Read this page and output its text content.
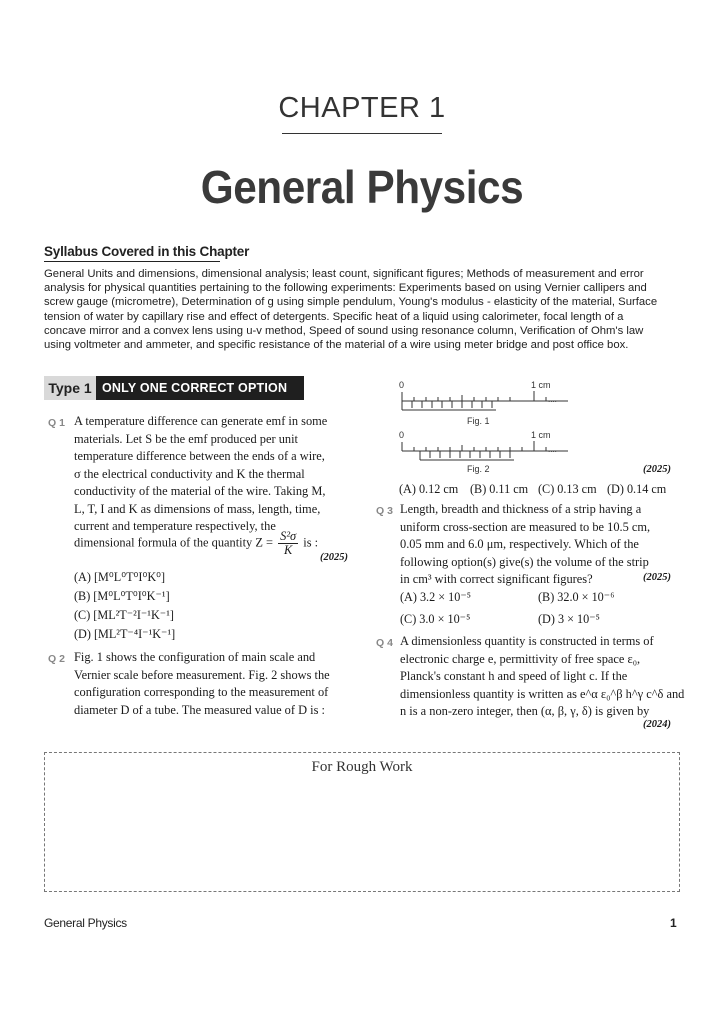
CHAPTER 1
General Physics
Syllabus Covered in this Chapter
General Units and dimensions, dimensional analysis; least count, significant figures; Methods of measurement and error
analysis for physical quantities pertaining to the following experiments: Experiments based on using Vernier callipers and
screw gauge (micrometre), Determination of g using simple pendulum, Young's modulus - elasticity of the material, Surface
tension of water by capillary rise and effect of detergents. Specific heat of a liquid using calorimeter, focal length of a
concave mirror and a convex lens using u-v method, Speed of sound using resonance column, Verification of Ohm's law
using voltmeter and ammeter, and specific resistance of the material of a wire using meter bridge and post office box.
Type 1 ONLY ONE CORRECT OPTION
Q 1 A temperature difference can generate emf in some
materials. Let S be the emf produced per unit
temperature difference between the ends of a wire,
σ the electrical conductivity and K the thermal
conductivity of the material of the wire. Taking M,
L, T, I and K as dimensions of mass, length, time,
current and temperature respectively, the
dimensional formula of the quantity $Z = \frac{\text{S²σ}}{K}$ is :
(2025)
(A) [M⁰L⁰T⁰I⁰K⁰]
(B) [M⁰L⁰T⁰I⁰K⁻¹]
(C) [ML²T⁻²I⁻¹K⁻¹]
(D) [ML²T⁻⁴I⁻¹K⁻¹]
Q 2 Fig. 1 shows the configuration of main scale and
Vernier scale before measurement. Fig. 2 shows the
configuration corresponding to the measurement of
diameter D of a tube. The measured value of D is :
0	1 cm
....
Fig. 1
0	1 cm
....
Fig. 2	(2025)
(A) 0.12 cm (B) 0.11 cm (C) 0.13 cm (D) 0.14 cm
Q 3 Length, breadth and thickness of a strip having a
uniform cross-section are measured to be 10.5 cm,
0.05 mm and 6.0 μm, respectively. Which of the
following option(s) give(s) the volume of the strip
in cm³ with correct significant figures?	(2025)
(A) 3.2 × 10⁻⁵	(B) 32.0 × 10⁻⁶
(C) 3.0 × 10⁻⁵	(D) 3 × 10⁻⁵
Q 4 A dimensionless quantity is constructed in terms of
electronic charge e, permittivity of free space ε₀,
Planck's constant h and speed of light c. If the
dimensionless quantity is written as e^α ε₀^β h^γ c^δ and
n is a non-zero integer, then (α, β, γ, δ) is given by
(2024)
For Rough Work
General Physics	1
